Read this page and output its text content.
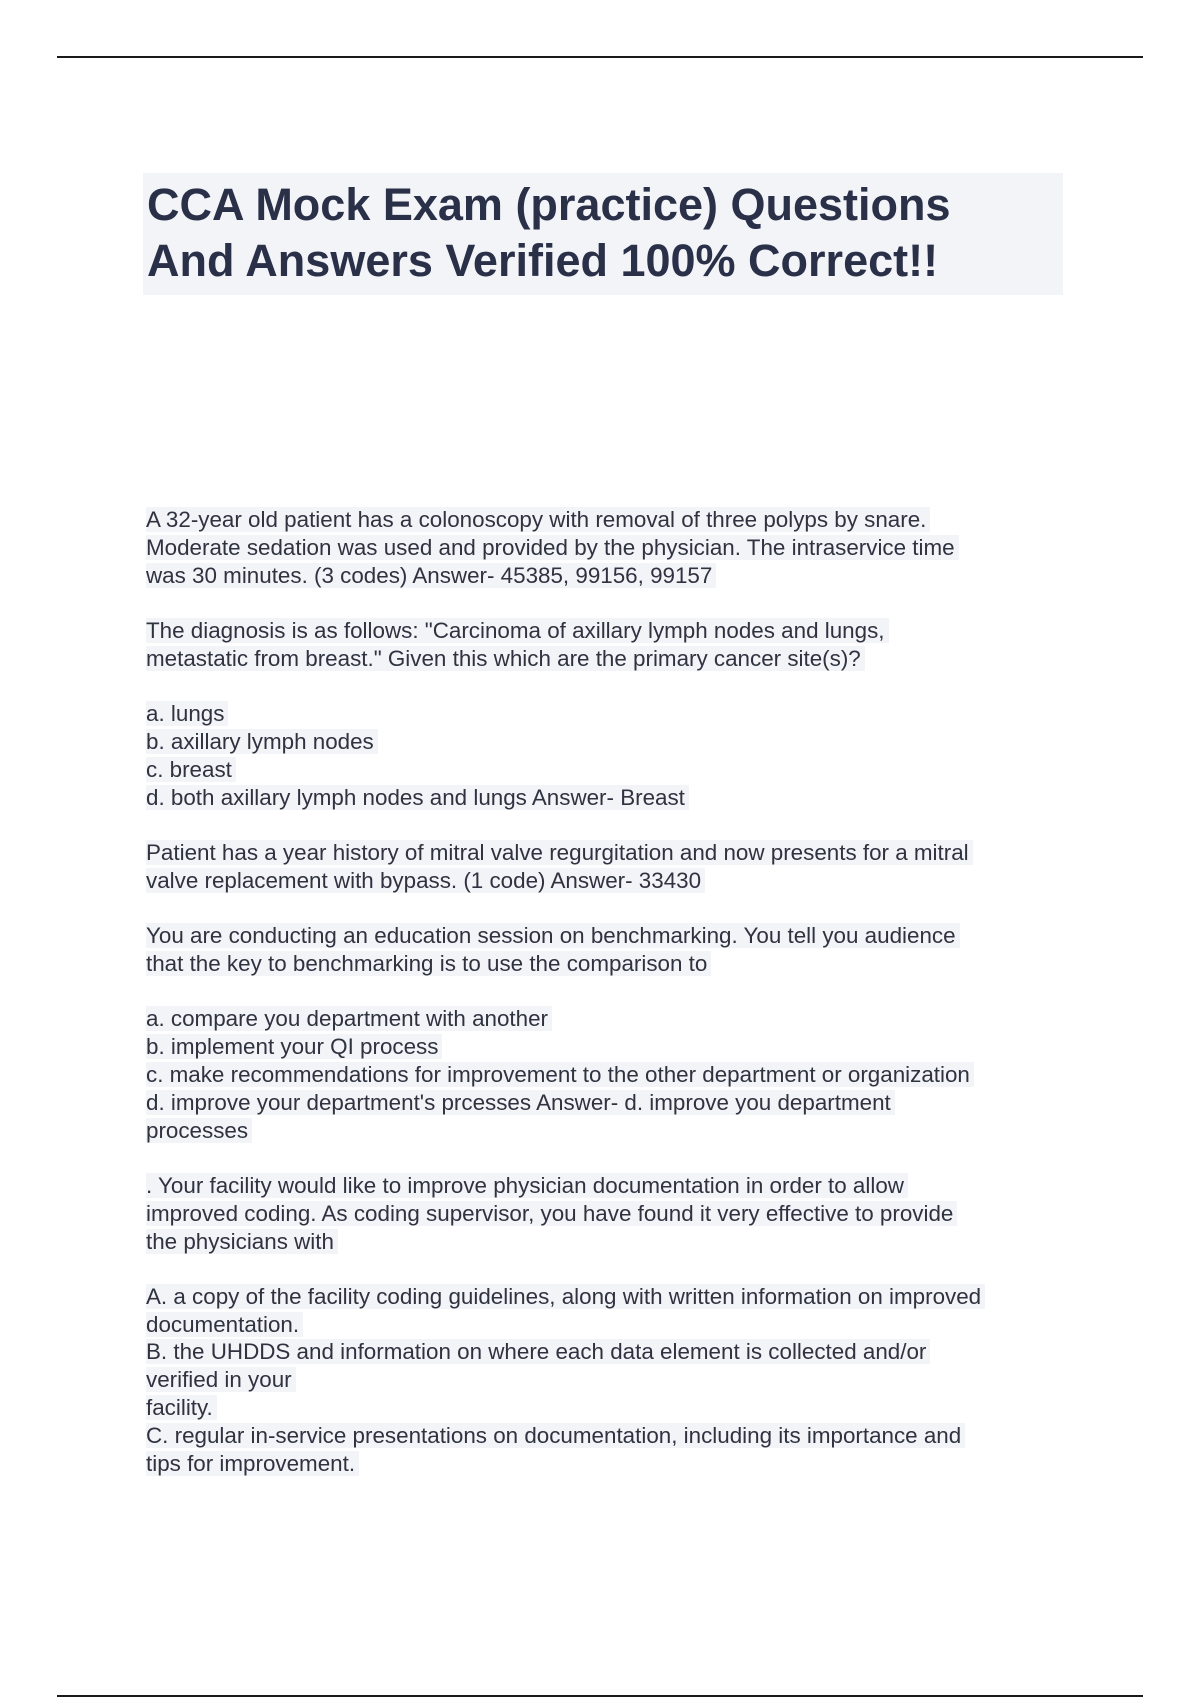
CCA Mock Exam (practice) Questions
And Answers Verified 100% Correct!!
A 32-year old patient has a colonoscopy with removal of three polyps by snare.
Moderate sedation was used and provided by the physician. The intraservice time
was 30 minutes. (3 codes) Answer- 45385, 99156, 99157
The diagnosis is as follows: "Carcinoma of axillary lymph nodes and lungs,
metastatic from breast." Given this which are the primary cancer site(s)?
a. lungs
b. axillary lymph nodes
c. breast
d. both axillary lymph nodes and lungs Answer- Breast
Patient has a year history of mitral valve regurgitation and now presents for a mitral
valve replacement with bypass. (1 code) Answer- 33430
You are conducting an education session on benchmarking. You tell you audience
that the key to benchmarking is to use the comparison to
a. compare you department with another
b. implement your QI process
c. make recommendations for improvement to the other department or organization
d. improve your department's prcesses Answer- d. improve you department
processes
. Your facility would like to improve physician documentation in order to allow
improved coding. As coding supervisor, you have found it very effective to provide
the physicians with
A. a copy of the facility coding guidelines, along with written information on improved
documentation.
B. the UHDDS and information on where each data element is collected and/or
verified in your
facility.
C. regular in-service presentations on documentation, including its importance and
tips for improvement.
